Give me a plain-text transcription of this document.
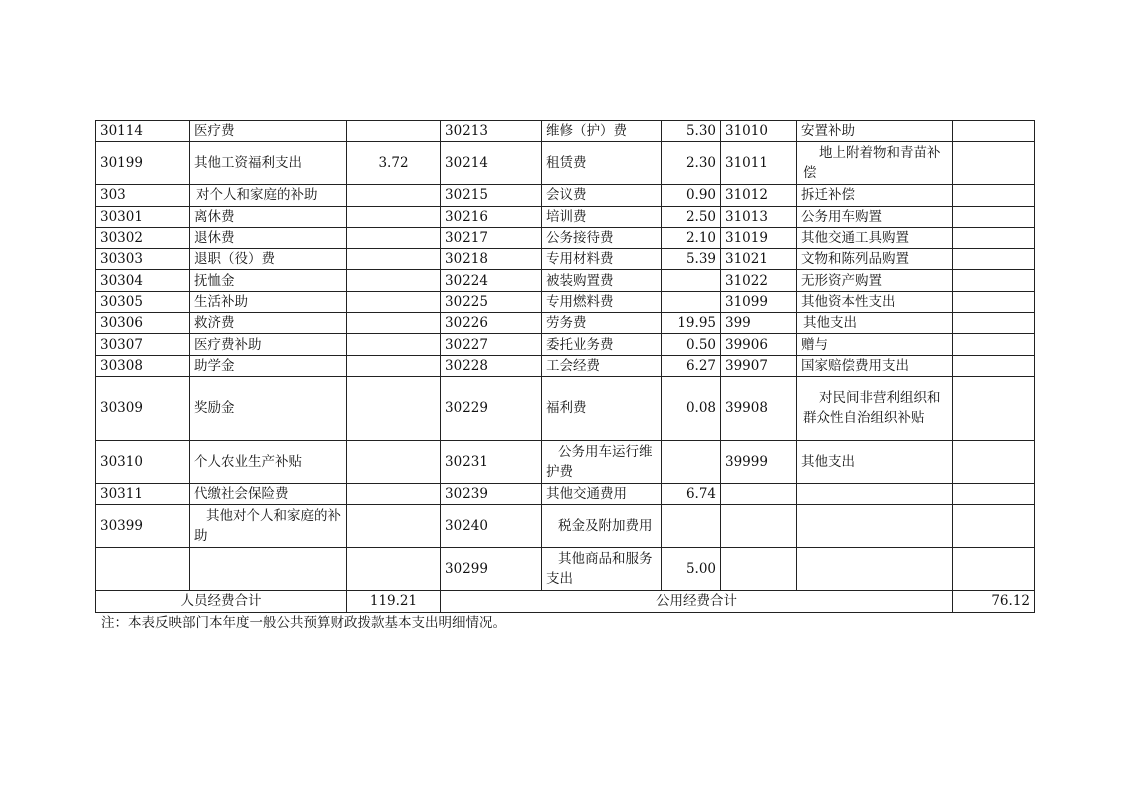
30114	医疗费		30213	维修（护）费	5.30	31010	安置补助	
30199	其他工资福利支出	3.72	30214	租赁费	2.30	31011	地上附着物和青苗补偿	
303	对个人和家庭的补助		30215	会议费	0.90	31012	拆迁补偿	
30301	离休费		30216	培训费	2.50	31013	公务用车购置	
30302	退休费		30217	公务接待费	2.10	31019	其他交通工具购置	
30303	退职（役）费		30218	专用材料费	5.39	31021	文物和陈列品购置	
30304	抚恤金		30224	被装购置费		31022	无形资产购置	
30305	生活补助		30225	专用燃料费		31099	其他资本性支出	
30306	救济费		30226	劳务费	19.95	399	其他支出	
30307	医疗费补助		30227	委托业务费	0.50	39906	赠与	
30308	助学金		30228	工会经费	6.27	39907	国家赔偿费用支出	
30309	奖励金		30229	福利费	0.08	39908	对民间非营利组织和群众性自治组织补贴	
30310	个人农业生产补贴		30231	公务用车运行维护费		39999	其他支出	
30311	代缴社会保险费		30239	其他交通费用	6.74			
30399	其他对个人和家庭的补助		30240	税金及附加费用				
			30299	其他商品和服务支出	5.00			
人员经费合计		119.21	公用经费合计					76.12
注：本表反映部门本年度一般公共预算财政拨款基本支出明细情况。
